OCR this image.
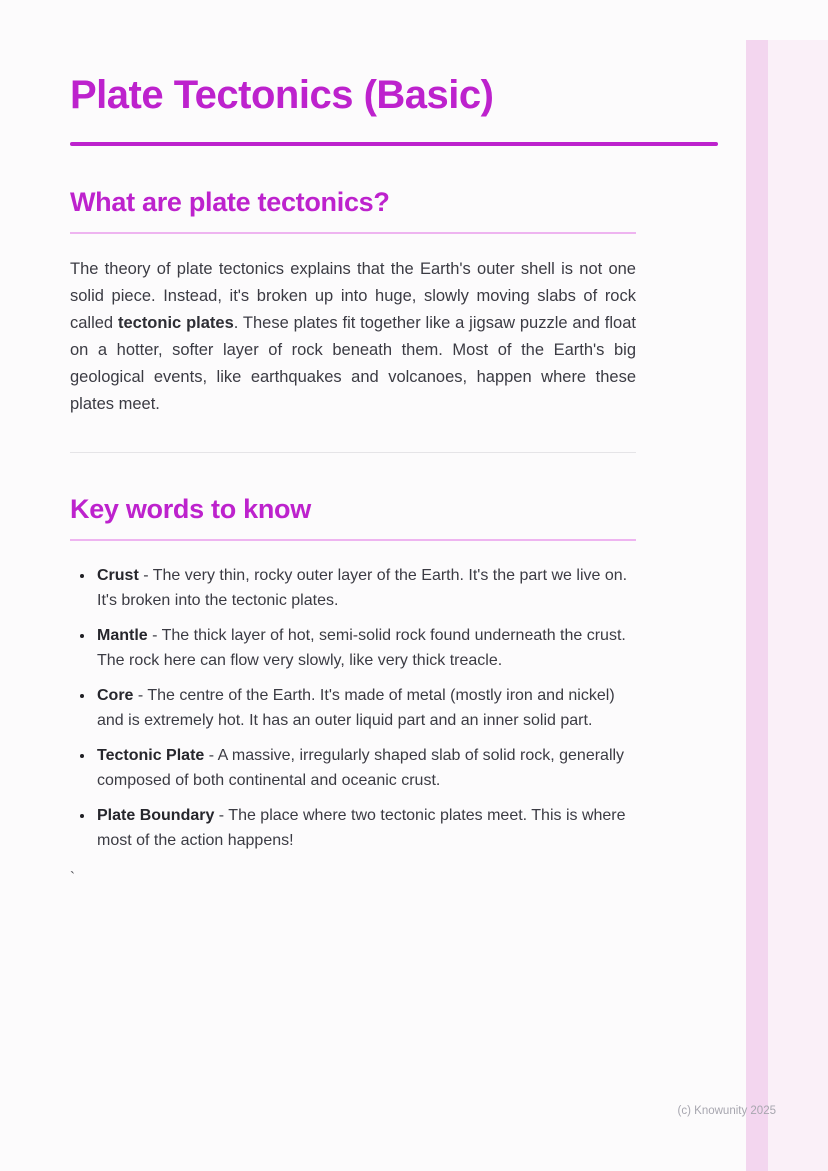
Plate Tectonics (Basic)
What are plate tectonics?

The theory of plate tectonics explains that the Earth's outer shell is not one solid piece. Instead, it's broken up into huge, slowly moving slabs of rock called tectonic plates. These plates fit together like a jigsaw puzzle and float on a hotter, softer layer of rock beneath them. Most of the Earth's big geological events, like earthquakes and volcanoes, happen where these plates meet.

Key words to know
• Crust - The very thin, rocky outer layer of the Earth. It's the part we live on. It's broken into the tectonic plates.
• Mantle - The thick layer of hot, semi-solid rock found underneath the crust. The rock here can flow very slowly, like very thick treacle.
• Core - The centre of the Earth. It's made of metal (mostly iron and nickel) and is extremely hot. It has an outer liquid part and an inner solid part.
• Tectonic Plate - A massive, irregularly shaped slab of solid rock, generally composed of both continental and oceanic crust.
• Plate Boundary - The place where two tectonic plates meet. This is where most of the action happens!
`
(c) Knowunity 2025
